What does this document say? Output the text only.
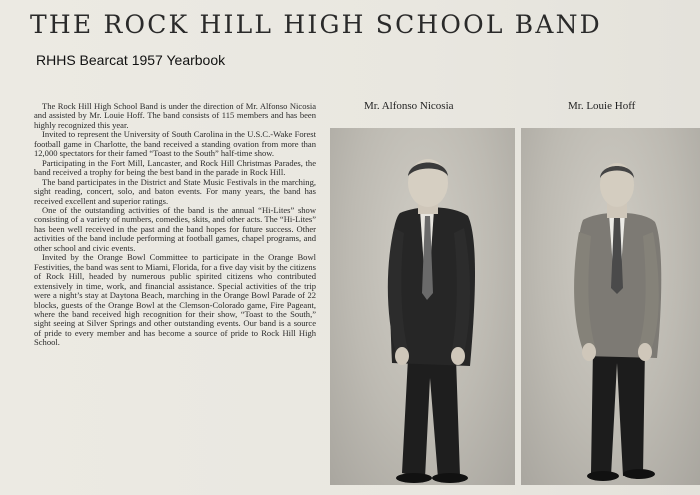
THE ROCK HILL HIGH SCHOOL BAND
RHHS Bearcat 1957 Yearbook

The Rock Hill High School Band is under the direction of Mr. Alfonso Nicosia and assisted by Mr. Louie Hoff. The band consists of 115 members and has been highly recognized this year.

Invited to represent the University of South Carolina in the U.S.C.-Wake Forest football game in Charlotte, the band received a standing ovation from more than 12,000 spectators for their famed “Toast to the South” half-time show.

Participating in the Fort Mill, Lancaster, and Rock Hill Christmas Parades, the band received a trophy for being the best band in the parade in Rock Hill.

The band participates in the District and State Music Festivals in the marching, sight reading, concert, solo, and baton events. For many years, the band has received excellent and superior ratings.

One of the outstanding activities of the band is the annual “Hi-Lites” show consisting of a variety of numbers, comedies, skits, and other acts. The “Hi-Lites” has been well received in the past and the band hopes for future success. Other activities of the band include performing at football games, chapel programs, and other school and civic events.

Invited by the Orange Bowl Committee to participate in the Orange Bowl Festivities, the band was sent to Miami, Florida, for a five day visit by the citizens of Rock Hill, headed by numerous public spirited citizens who contributed extensively in time, work, and financial assistance. Special activities of the trip were a night’s stay at Daytona Beach, marching in the Orange Bowl Parade of 22 blocks, guests of the Orange Bowl at the Clemson-Colorado game, Fire Pageant, where the band received high recognition for their show, “Toast to the South,” sight seeing at Silver Springs and other outstanding events. Our band is a source of pride to every member and has become a source of pride to Rock Hill High School.

Mr. Alfonso Nicosia	Mr. Louie Hoff
